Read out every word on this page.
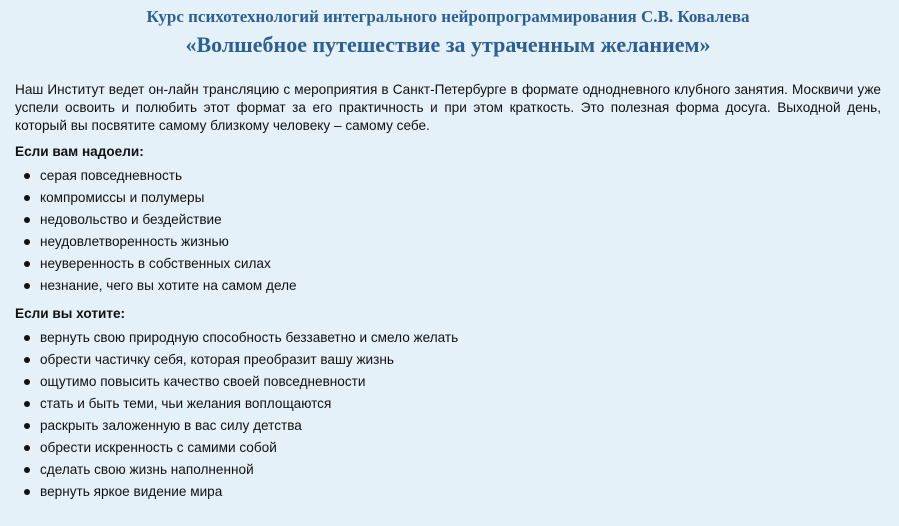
Курс психотехнологий интегрального нейропрограммирования С.В. Ковалева
«Волшебное путешествие за утраченным желанием»

Наш Институт ведет он-лайн трансляцию с мероприятия в Санкт-Петербурге в формате однодневного клубного занятия. Москвичи уже успели освоить и полюбить этот формат за его практичность и при этом краткость. Это полезная форма досуга. Выходной день, который вы посвятите самому близкому человеку – самому себе.

Если вам надоели:

серая повседневность
компромиссы и полумеры
недовольство и бездействие
неудовлетворенность жизнью
неуверенность в собственных силах
незнание, чего вы хотите на самом деле

Если вы хотите:

вернуть свою природную способность беззаветно и смело желать
обрести частичку себя, которая преобразит вашу жизнь
ощутимо повысить качество своей повседневности
стать и быть теми, чьи желания воплощаются
раскрыть заложенную в вас силу детства
обрести искренность с самими собой
сделать свою жизнь наполненной
вернуть яркое видение мира
